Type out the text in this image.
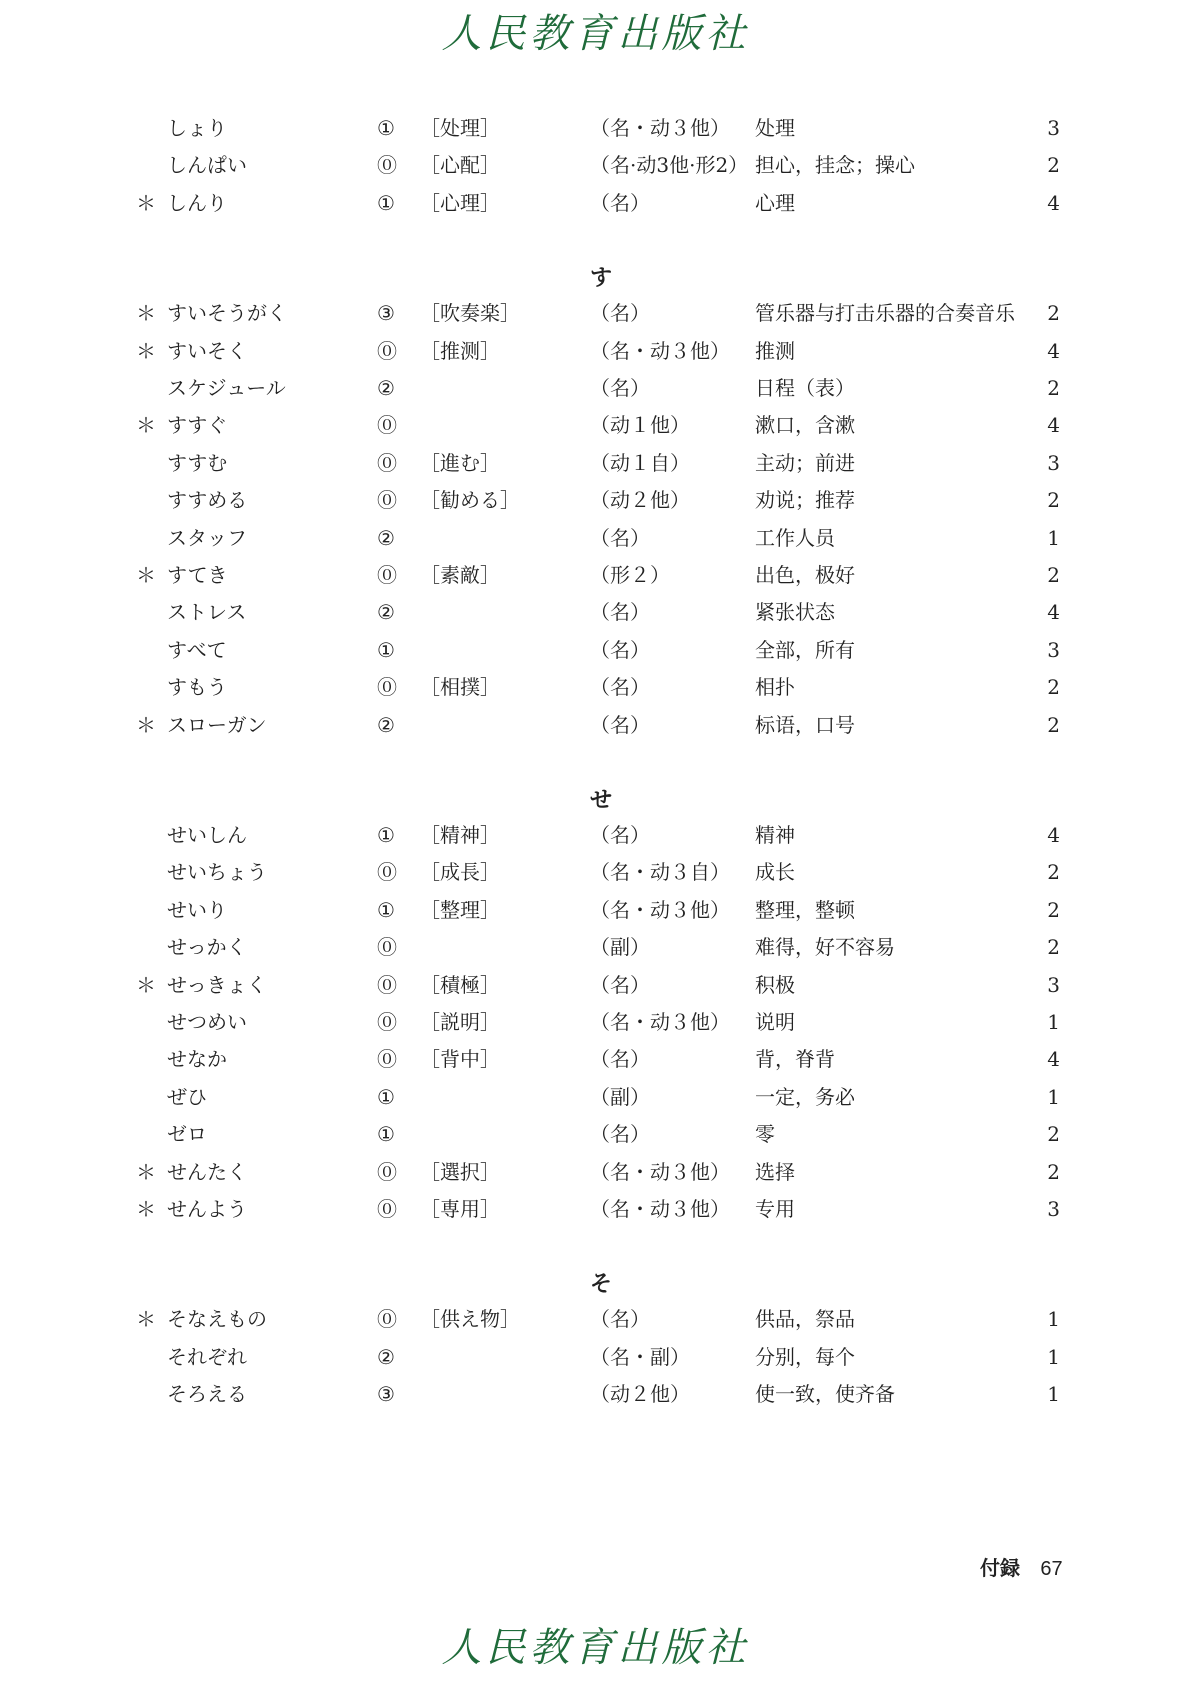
人民教育出版社
しょり	① ［处理］	（名・动３他） 处理	3
しんぱい	⓪ ［心配］	（名·动3他·形2） 担心，挂念；操心	2
＊ しんり	① ［心理］	（名）	心理	4
す
＊ すいそうがく	③ ［吹奏楽］	（名）	管乐器与打击乐器的合奏音乐	2
＊ すいそく	⓪ ［推测］	（名・动３他） 推测	4
スケジュール	②	（名）	日程（表）	2
＊ すすぐ	⓪	（动１他）	漱口，含漱	4
すすむ	⓪ ［進む］	（动１自）	主动；前进	3
すすめる	⓪ ［勧める］	（动２他）	劝说；推荐	2
スタッフ	②	（名）	工作人员	1
＊ すてき	⓪ ［素敵］	（形２）	出色，极好	2
ストレス	②	（名）	紧张状态	4
すべて	①	（名）	全部，所有	3
すもう	⓪ ［相撲］	（名）	相扑	2
＊ スローガン	②	（名）	标语，口号	2
せ
せいしん	① ［精神］	（名）	精神	4
せいちょう	⓪ ［成長］	（名・动３自） 成长	2
せいり	① ［整理］	（名・动３他） 整理，整顿	2
せっかく	⓪	（副）	难得，好不容易	2
＊ せっきょく	⓪ ［積極］	（名）	积极	3
せつめい	⓪ ［説明］	（名・动３他） 说明	1
せなか	⓪ ［背中］	（名）	背，脊背	4
ぜひ	①	（副）	一定，务必	1
ゼロ	①	（名）	零	2
＊ せんたく	⓪ ［選択］	（名・动３他） 选择	2
＊ せんよう	⓪ ［専用］	（名・动３他） 专用	3
そ
＊ そなえもの	⓪ ［供え物］	（名）	供品，祭品	1
それぞれ	②	（名・副）	分别，每个	1
そろえる	③	（动２他）	使一致，使齐备	1
付録 67
人民教育出版社
